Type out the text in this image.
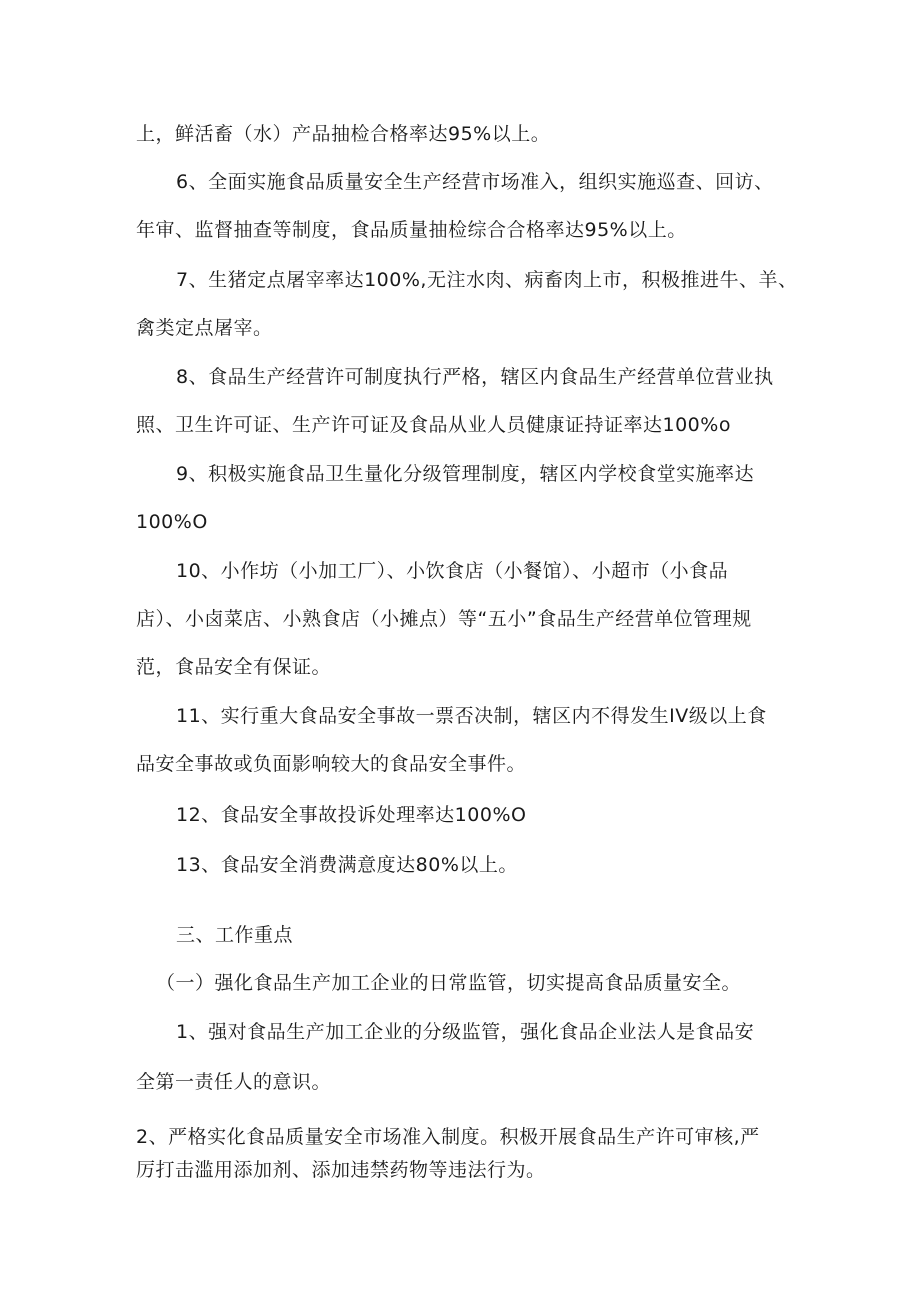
上，鲜活畜（水）产品抽检合格率达95%以上。
6、全面实施食品质量安全生产经营市场准入，组织实施巡查、回访、
年审、监督抽查等制度，食品质量抽检综合合格率达95%以上。
7、生猪定点屠宰率达100%,无注水肉、病畜肉上市，积极推进牛、羊、
禽类定点屠宰。
8、食品生产经营许可制度执行严格，辖区内食品生产经营单位营业执
照、卫生许可证、生产许可证及食品从业人员健康证持证率达100%o
9、积极实施食品卫生量化分级管理制度，辖区内学校食堂实施率达
100%O
10、小作坊（小加工厂）、小饮食店（小餐馆）、小超市（小食品
店）、小卤菜店、小熟食店（小摊点）等“五小”食品生产经营单位管理规
范，食品安全有保证。
11、实行重大食品安全事故一票否决制，辖区内不得发生IV级以上食
品安全事故或负面影响较大的食品安全事件。
12、食品安全事故投诉处理率达100%O
13、食品安全消费满意度达80%以上。
三、工作重点
（一）强化食品生产加工企业的日常监管，切实提高食品质量安全。
1、强对食品生产加工企业的分级监管，强化食品企业法人是食品安
全第一责任人的意识。
2、严格实化食品质量安全市场准入制度。积极开展食品生产许可审核,严
厉打击滥用添加剂、添加违禁药物等违法行为。
